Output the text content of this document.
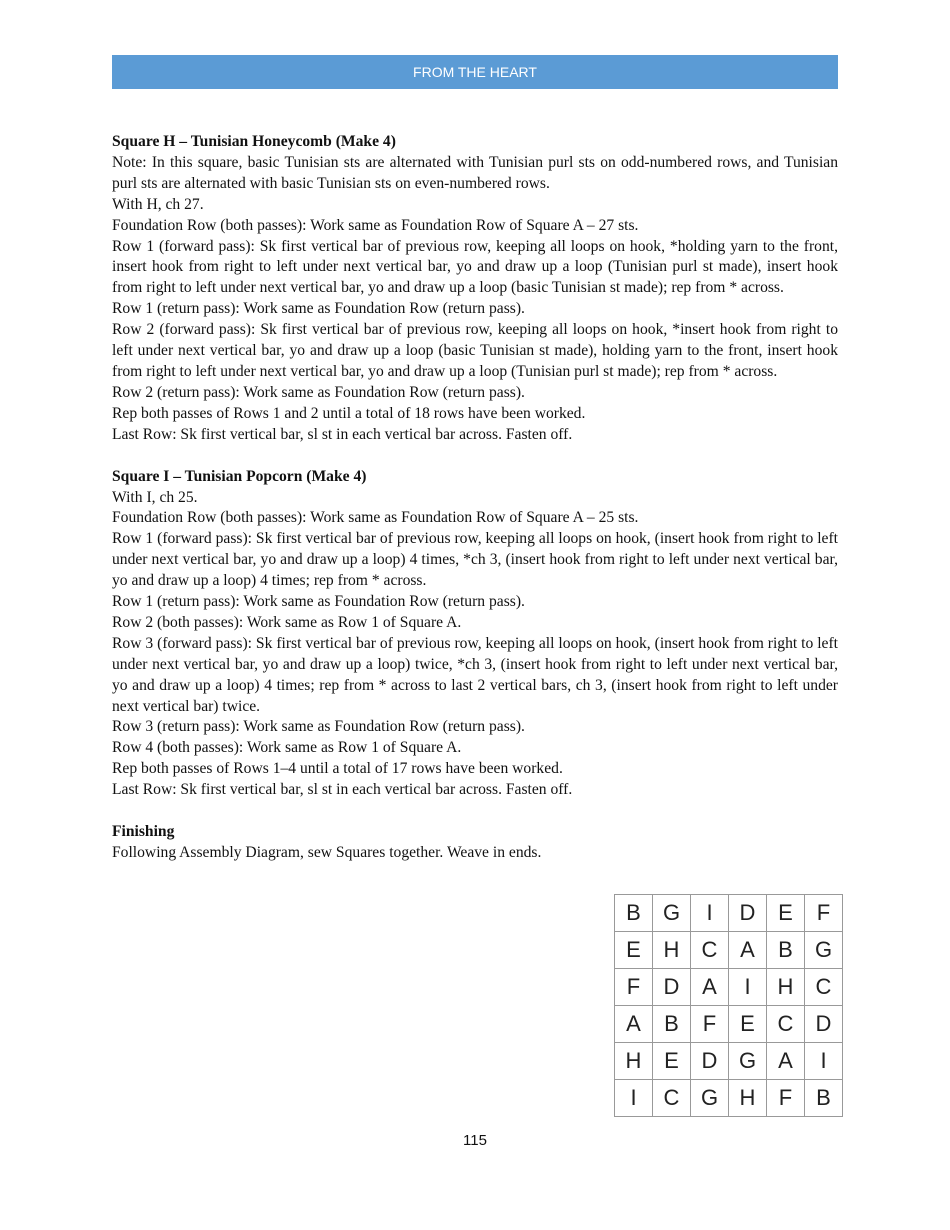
FROM THE HEART
Square H – Tunisian Honeycomb (Make 4)

Note: In this square, basic Tunisian sts are alternated with Tunisian purl sts on odd-numbered rows, and Tunisian purl sts are alternated with basic Tunisian sts on even-numbered rows.

With H, ch 27.

Foundation Row (both passes): Work same as Foundation Row of Square A – 27 sts.

Row 1 (forward pass): Sk first vertical bar of previous row, keeping all loops on hook, *holding yarn to the front, insert hook from right to left under next vertical bar, yo and draw up a loop (Tunisian purl st made), insert hook from right to left under next vertical bar, yo and draw up a loop (basic Tunisian st made); rep from * across.

Row 1 (return pass): Work same as Foundation Row (return pass).

Row 2 (forward pass): Sk first vertical bar of previous row, keeping all loops on hook, *insert hook from right to left under next vertical bar, yo and draw up a loop (basic Tunisian st made), holding yarn to the front, insert hook from right to left under next vertical bar, yo and draw up a loop (Tunisian purl st made); rep from * across.

Row 2 (return pass): Work same as Foundation Row (return pass).

Rep both passes of Rows 1 and 2 until a total of 18 rows have been worked.

Last Row: Sk first vertical bar, sl st in each vertical bar across. Fasten off.

Square I – Tunisian Popcorn (Make 4)

With I, ch 25.

Foundation Row (both passes): Work same as Foundation Row of Square A – 25 sts.

Row 1 (forward pass): Sk first vertical bar of previous row, keeping all loops on hook, (insert hook from right to left under next vertical bar, yo and draw up a loop) 4 times, *ch 3, (insert hook from right to left under next vertical bar, yo and draw up a loop) 4 times; rep from * across.

Row 1 (return pass): Work same as Foundation Row (return pass).

Row 2 (both passes): Work same as Row 1 of Square A.

Row 3 (forward pass): Sk first vertical bar of previous row, keeping all loops on hook, (insert hook from right to left under next vertical bar, yo and draw up a loop) twice, *ch 3, (insert hook from right to left under next vertical bar, yo and draw up a loop) 4 times; rep from * across to last 2 vertical bars, ch 3, (insert hook from right to left under next vertical bar) twice.

Row 3 (return pass): Work same as Foundation Row (return pass).

Row 4 (both passes): Work same as Row 1 of Square A.

Rep both passes of Rows 1–4 until a total of 17 rows have been worked.

Last Row: Sk first vertical bar, sl st in each vertical bar across. Fasten off.

Finishing

Following Assembly Diagram, sew Squares together. Weave in ends.

B	G	I	D	E	F
E	H	C	A	B	G
F	D	A	I	H	C
A	B	F	E	C	D
H	E	D	G	A	I
I	C	G	H	F	B
115
